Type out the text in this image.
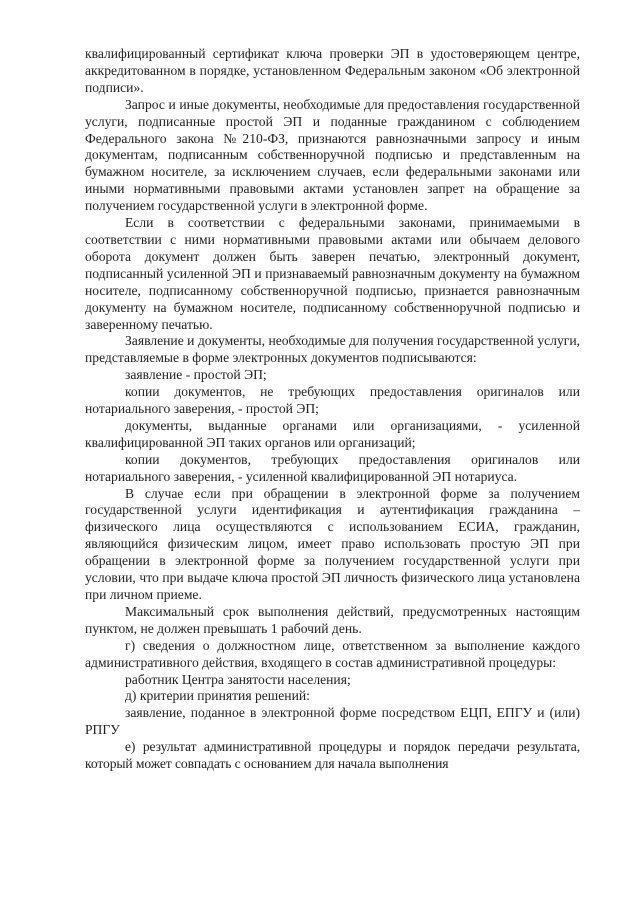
квалифицированный сертификат ключа проверки ЭП в удостоверяющем центре, аккредитованном в порядке, установленном Федеральным законом «Об электронной подписи».

Запрос и иные документы, необходимые для предоставления государственной услуги, подписанные простой ЭП и поданные гражданином с соблюдением Федерального закона №210-ФЗ, признаются равнозначными запросу и иным документам, подписанным собственноручной подписью и представленным на бумажном носителе, за исключением случаев, если федеральными законами или иными нормативными правовыми актами установлен запрет на обращение за получением государственной услуги в электронной форме.

Если в соответствии с федеральными законами, принимаемыми в соответствии с ними нормативными правовыми актами или обычаем делового оборота документ должен быть заверен печатью, электронный документ, подписанный усиленной ЭП и признаваемый равнозначным документу на бумажном носителе, подписанному собственноручной подписью, признается равнозначным документу на бумажном носителе, подписанному собственноручной подписью и заверенному печатью.

Заявление и документы, необходимые для получения государственной услуги, представляемые в форме электронных документов подписываются:

заявление - простой ЭП;

копии документов, не требующих предоставления оригиналов или нотариального заверения, - простой ЭП;

документы, выданные органами или организациями, - усиленной квалифицированной ЭП таких органов или организаций;

копии документов, требующих предоставления оригиналов или нотариального заверения, - усиленной квалифицированной ЭП нотариуса.

В случае если при обращении в электронной форме за получением государственной услуги идентификация и аутентификация гражданина – физического лица осуществляются с использованием ЕСИА, гражданин, являющийся физическим лицом, имеет право использовать простую ЭП при обращении в электронной форме за получением государственной услуги при условии, что при выдаче ключа простой ЭП личность физического лица установлена при личном приеме.

Максимальный срок выполнения действий, предусмотренных настоящим пунктом, не должен превышать 1 рабочий день.

г) сведения о должностном лице, ответственном за выполнение каждого административного действия, входящего в состав административной процедуры:

работник Центра занятости населения;

д) критерии принятия решений:

заявление, поданное в электронной форме посредством ЕЦП, ЕПГУ и (или) РПГУ

е) результат административной процедуры и порядок передачи результата, который может совпадать с основанием для начала выполнения
